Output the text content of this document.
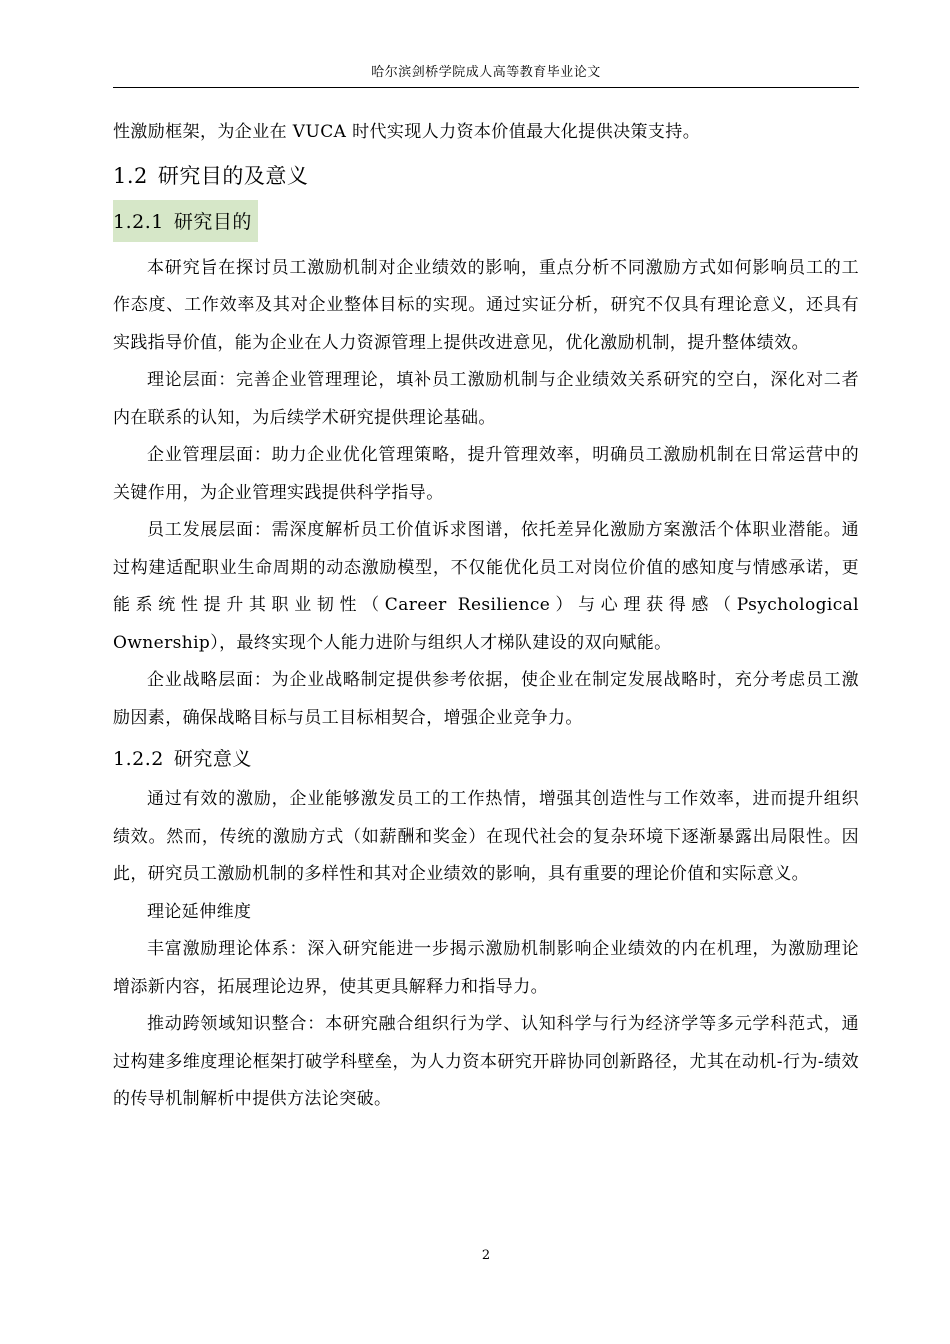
哈尔滨剑桥学院成人高等教育毕业论文

性激励框架，为企业在 VUCA 时代实现人力资本价值最大化提供决策支持。

1.2 研究目的及意义
1.2.1 研究目的

本研究旨在探讨员工激励机制对企业绩效的影响，重点分析不同激励方式如何影响员工的工作态度、工作效率及其对企业整体目标的实现。通过实证分析，研究不仅具有理论意义，还具有实践指导价值，能为企业在人力资源管理上提供改进意见，优化激励机制，提升整体绩效。

理论层面：完善企业管理理论，填补员工激励机制与企业绩效关系研究的空白，深化对二者内在联系的认知，为后续学术研究提供理论基础。

企业管理层面：助力企业优化管理策略，提升管理效率，明确员工激励机制在日常运营中的关键作用，为企业管理实践提供科学指导。

员工发展层面：需深度解析员工价值诉求图谱，依托差异化激励方案激活个体职业潜能。通过构建适配职业生命周期的动态激励模型，不仅能优化员工对岗位价值的感知度与情感承诺，更能系统性提升其职业韧性（Career Resilience）与心理获得感（Psychological Ownership），最终实现个人能力进阶与组织人才梯队建设的双向赋能。

企业战略层面：为企业战略制定提供参考依据，使企业在制定发展战略时，充分考虑员工激励因素，确保战略目标与员工目标相契合，增强企业竞争力。

1.2.2 研究意义

通过有效的激励，企业能够激发员工的工作热情，增强其创造性与工作效率，进而提升组织绩效。然而，传统的激励方式（如薪酬和奖金）在现代社会的复杂环境下逐渐暴露出局限性。因此，研究员工激励机制的多样性和其对企业绩效的影响，具有重要的理论价值和实际意义。

理论延伸维度

丰富激励理论体系：深入研究能进一步揭示激励机制影响企业绩效的内在机理，为激励理论增添新内容，拓展理论边界，使其更具解释力和指导力。

推动跨领域知识整合：本研究融合组织行为学、认知科学与行为经济学等多元学科范式，通过构建多维度理论框架打破学科壁垒，为人力资本研究开辟协同创新路径，尤其在动机-行为-绩效的传导机制解析中提供方法论突破。

2
